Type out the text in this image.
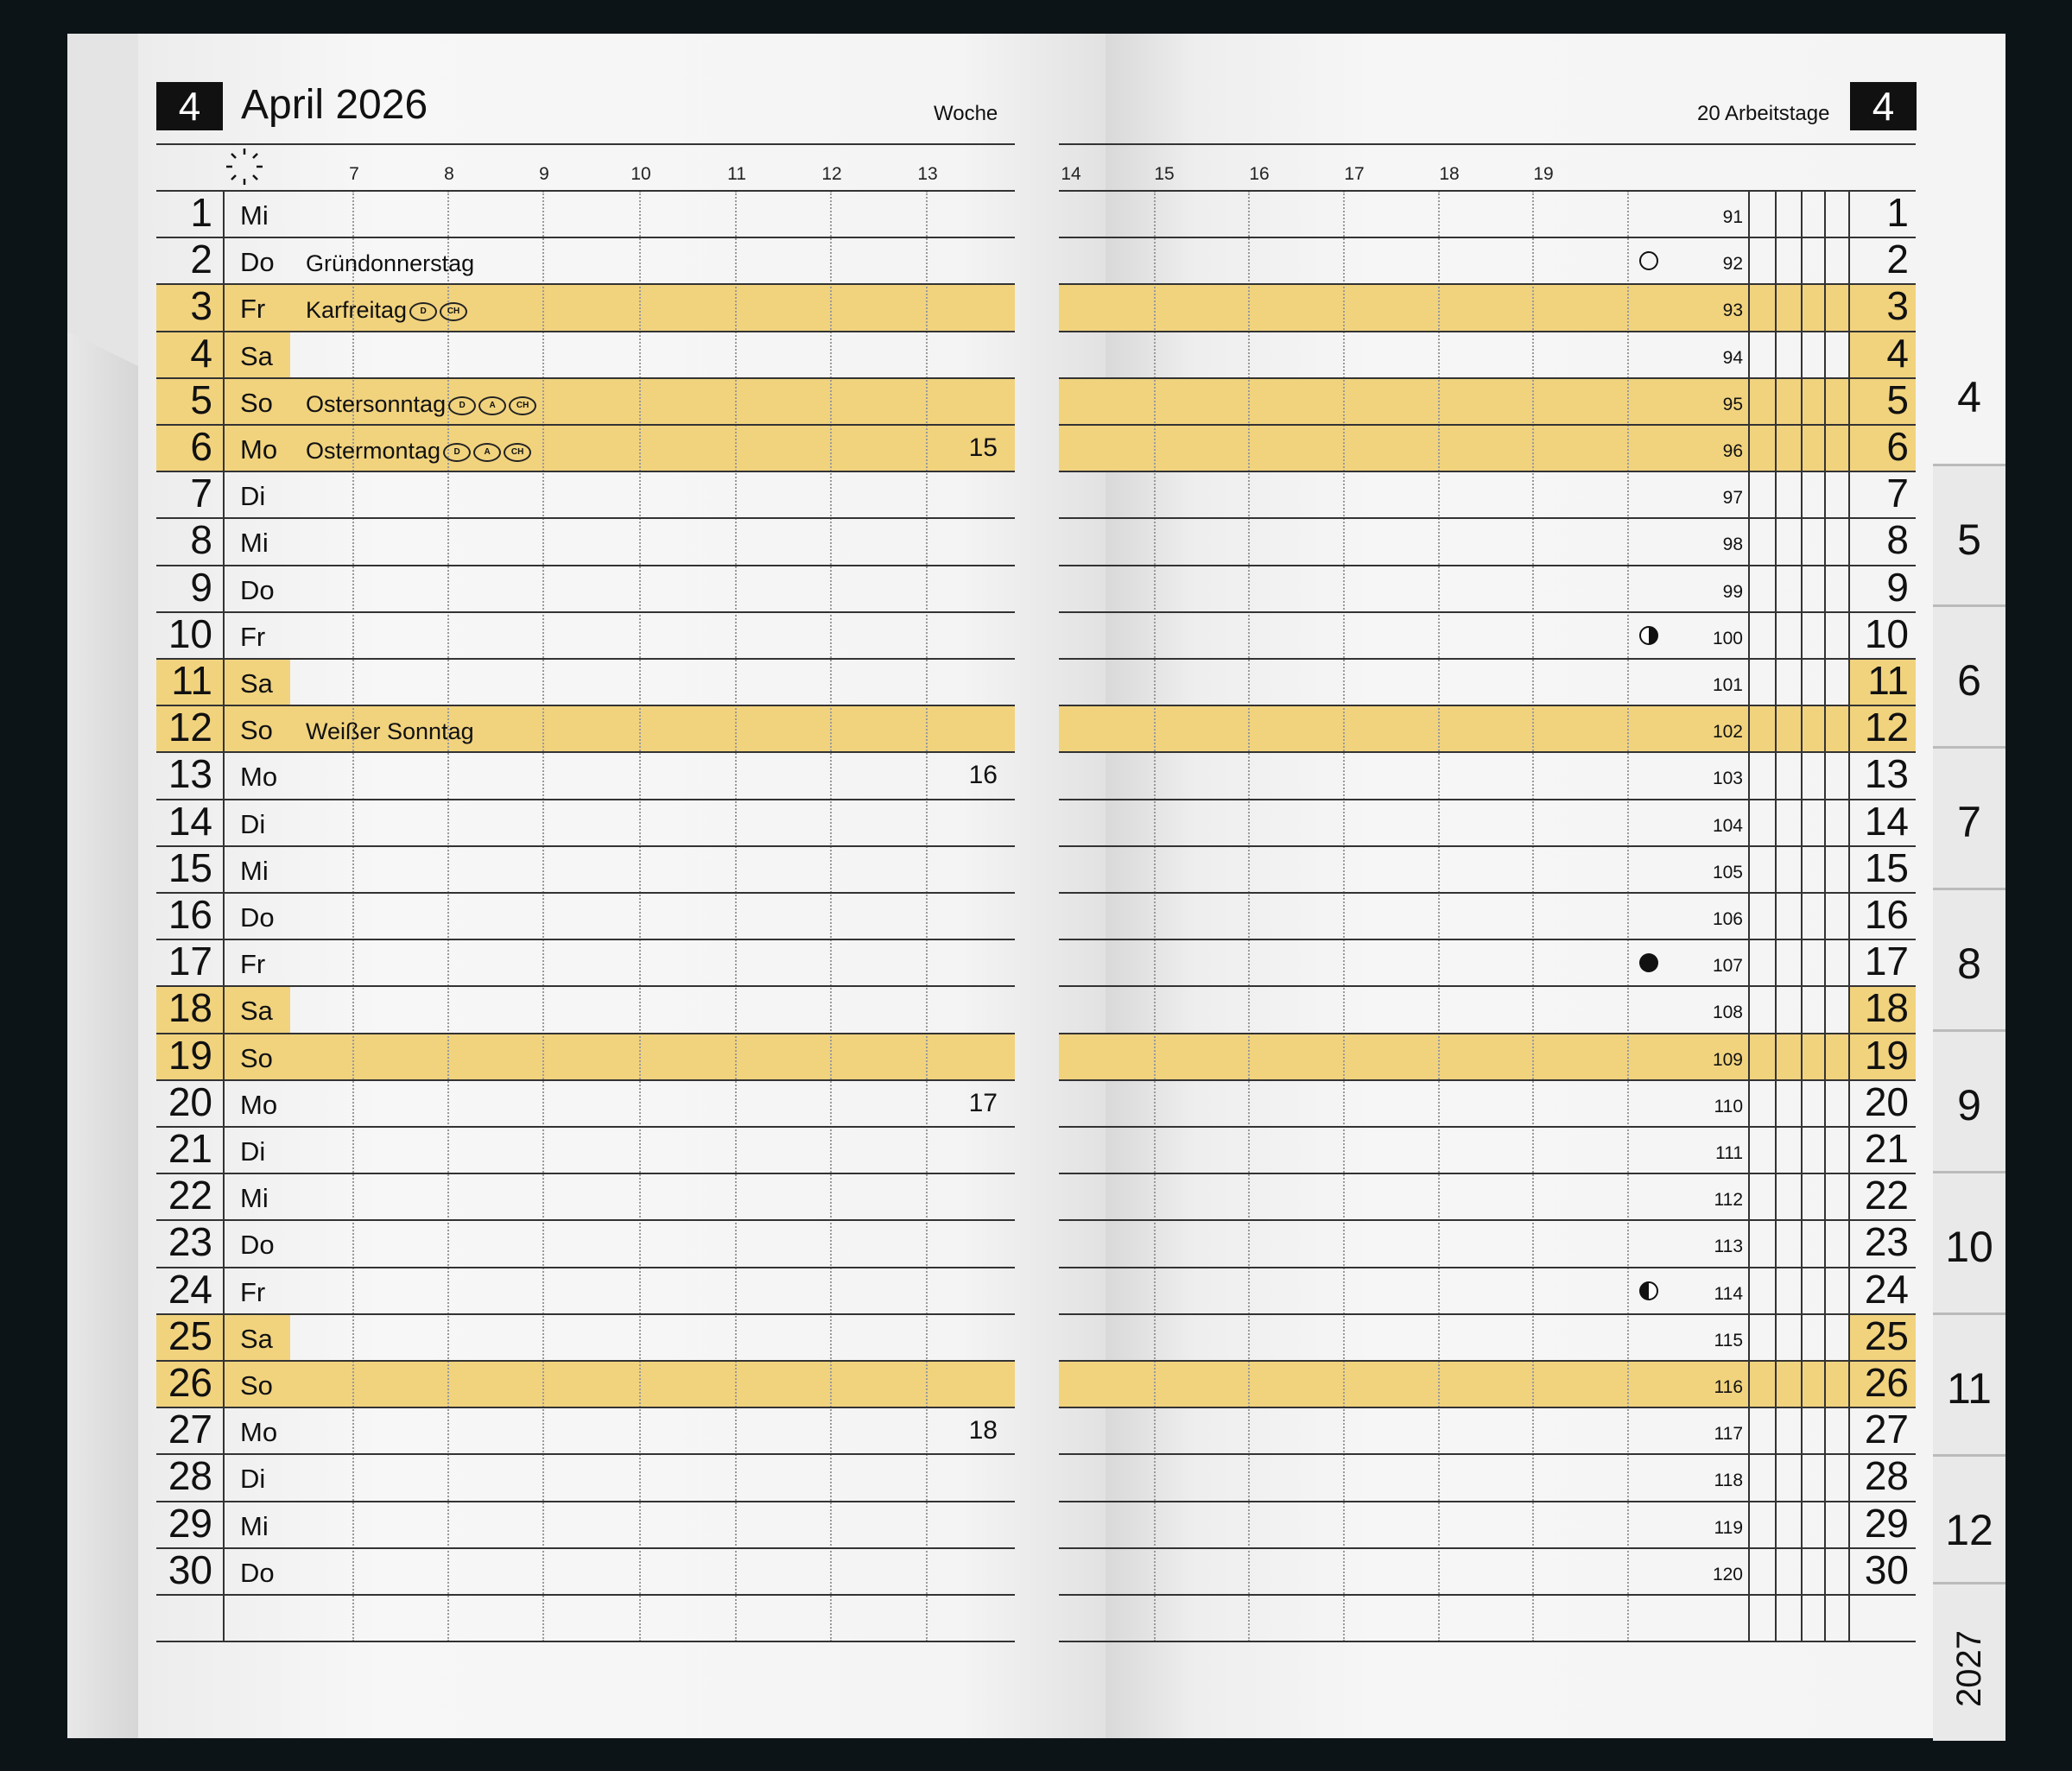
4 April 2026	Woche	20 Arbeitstage	4
7	8	9	10	11	12	13	14	15	16	17	18	19
1 Mi	91	1
2 Do Gründonnerstag	92	2
3 Fr Karfreitag D CH	93	3
4 Sa	94	4
5 So Ostersonntag D	A CH	95	5
6 Mo Ostermontag D	A CH	15	96	6
7 Di	97	7
8 Mi	98	8
9 Do	99	9
10 Fr	100	10
11 Sa	101	11
12 So Weißer Sonntag	102	12
13 Mo	16	103	13
14 Di	104	14
15 Mi	105	15
16 Do	106	16
17 Fr	107	17
18 Sa	108	18
19 So	109	19
20 Mo	17	110	20
21 Di	111	21
22 Mi	112	22
23 Do	113	23
24 Fr	114	24
25 Sa	115	25
26 So	116	26
27 Mo	18	117	27
28 Di	118	28
29 Mi	119	29
30 Do	120	30
4
5
6
7
8
9
10
11
12
2027
